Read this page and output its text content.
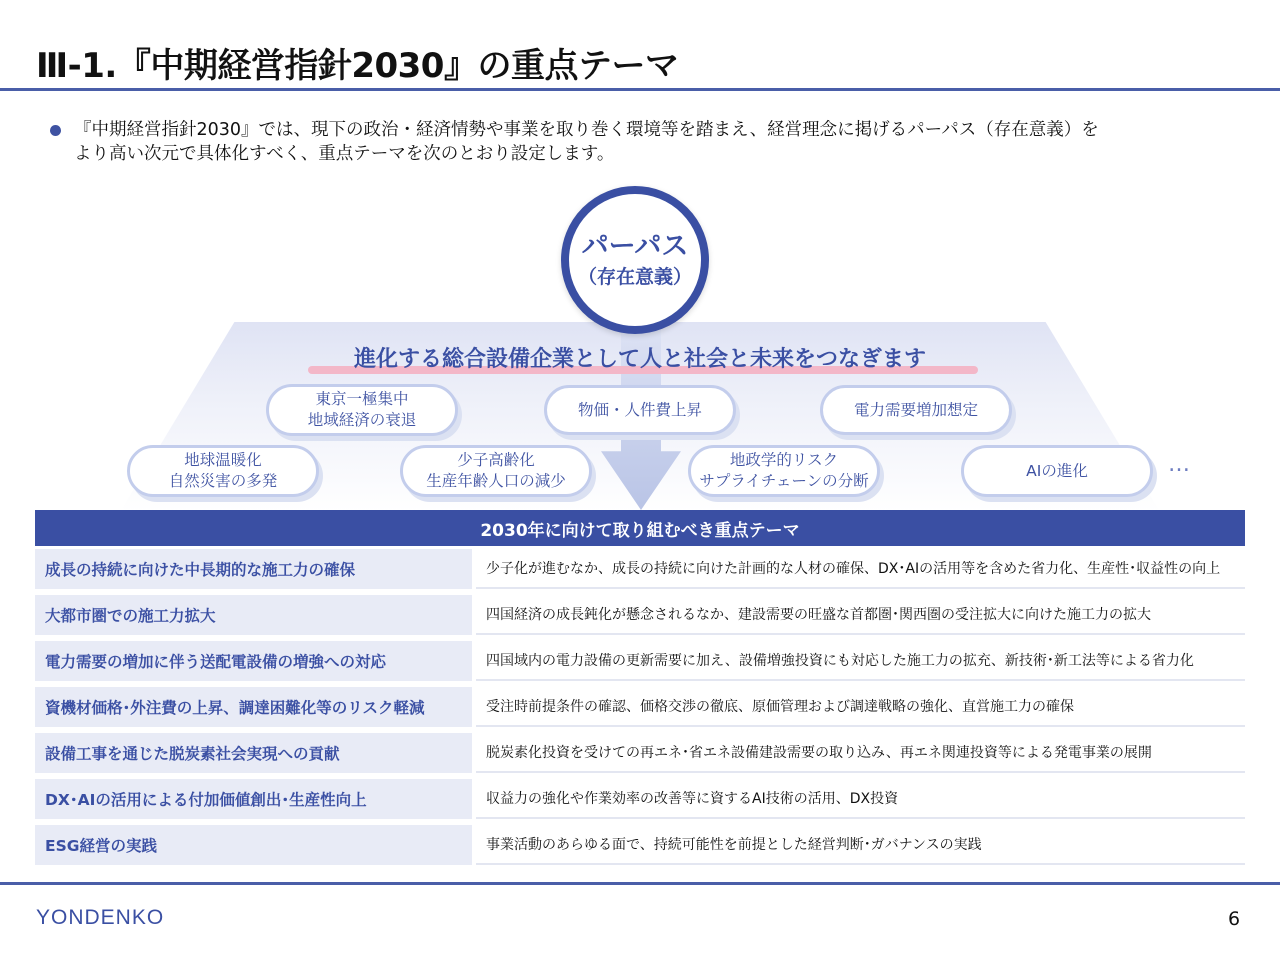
Ⅲ-1.『中期経営指針2030』の重点テーマ
『中期経営指針2030』では、現下の政治・経済情勢や事業を取り巻く環境等を踏まえ、経営理念に掲げるパーパス（存在意義）を
より高い次元で具体化すべく、重点テーマを次のとおり設定します。
パーパス
（存在意義）
進化する総合設備企業として人と社会と未来をつなぎます
東京一極集中
地域経済の衰退
物価・人件費上昇	電力需要増加想定
地球温暖化
自然災害の多発
少子高齢化
生産年齢人口の減少
地政学的リスク
サプライチェーンの分断
AIの進化	…
2030年に向けて取り組むべき重点テーマ
成長の持続に向けた中長期的な施工力の確保	少子化が進むなか、成長の持続に向けた計画的な人材の確保、DX･AIの活用等を含めた省力化、生産性･収益性の向上
大都市圏での施工力拡大	四国経済の成長鈍化が懸念されるなか、建設需要の旺盛な首都圏･関西圏の受注拡大に向けた施工力の拡大
電力需要の増加に伴う送配電設備の増強への対応	四国域内の電力設備の更新需要に加え、設備増強投資にも対応した施工力の拡充、新技術･新工法等による省力化
資機材価格･外注費の上昇、調達困難化等のリスク軽減	受注時前提条件の確認、価格交渉の徹底、原価管理および調達戦略の強化、直営施工力の確保
設備工事を通じた脱炭素社会実現への貢献	脱炭素化投資を受けての再エネ･省エネ設備建設需要の取り込み、再エネ関連投資等による発電事業の展開
DX･AIの活用による付加価値創出･生産性向上	収益力の強化や作業効率の改善等に資するAI技術の活用、DX投資
ESG経営の実践	事業活動のあらゆる面で、持続可能性を前提とした経営判断･ガバナンスの実践
YONDENKO	6
